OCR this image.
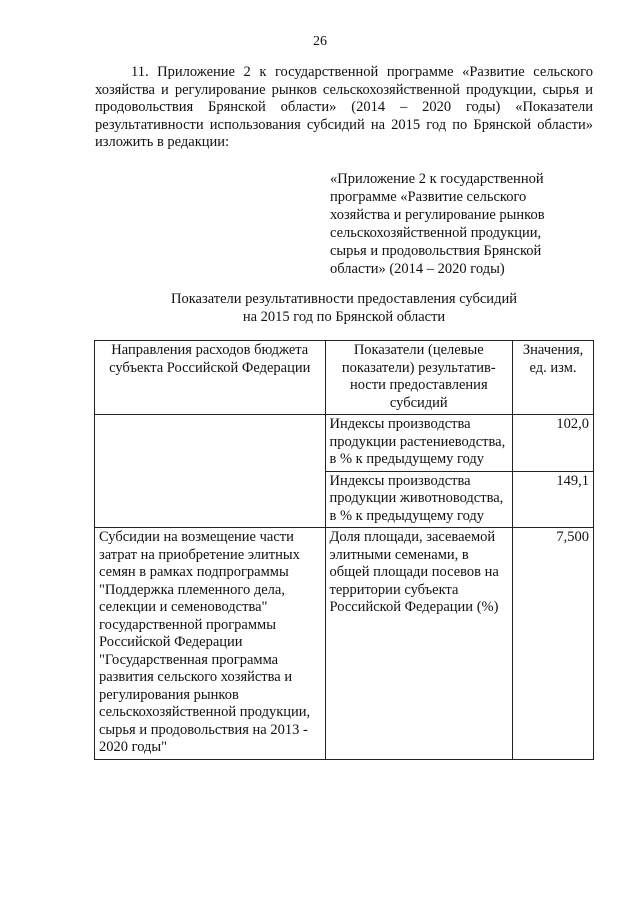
26

11. Приложение 2 к государственной программе «Развитие сельского хозяйства и регулирование рынков сельскохозяйственной продукции, сырья и продовольствия Брянской области» (2014 – 2020 годы) «Показатели результативности использования субсидий на 2015 год по Брянской области» изложить в редакции:

«Приложение 2 к государственной
программе «Развитие сельского
хозяйства и регулирование рынков
сельскохозяйственной продукции,
сырья и продовольствия Брянской
области» (2014 – 2020 годы)
Показатели результативности предоставления субсидий
на 2015 год по Брянской области
Направления расходов бюджета субъекта Российской Федерации	Показатели (целевые показатели) результатив-ности предоставления субсидий	Значения, ед. изм.
	Индексы производства продукции растениеводства, в % к предыдущему году	102,0
	Индексы производства продукции животноводства, в % к предыдущему году	149,1
Субсидии на возмещение части затрат на приобретение элитных семян в рамках подпрограммы "Поддержка племенного дела, селекции и семеноводства" государственной программы Российской Федерации "Государственная программа развития сельского хозяйства и регулирования рынков сельскохозяйственной продукции, сырья и продовольствия на 2013 - 2020 годы"	Доля площади, засеваемой элитными семенами, в общей площади посевов на территории субъекта Российской Федерации (%)	7,500
